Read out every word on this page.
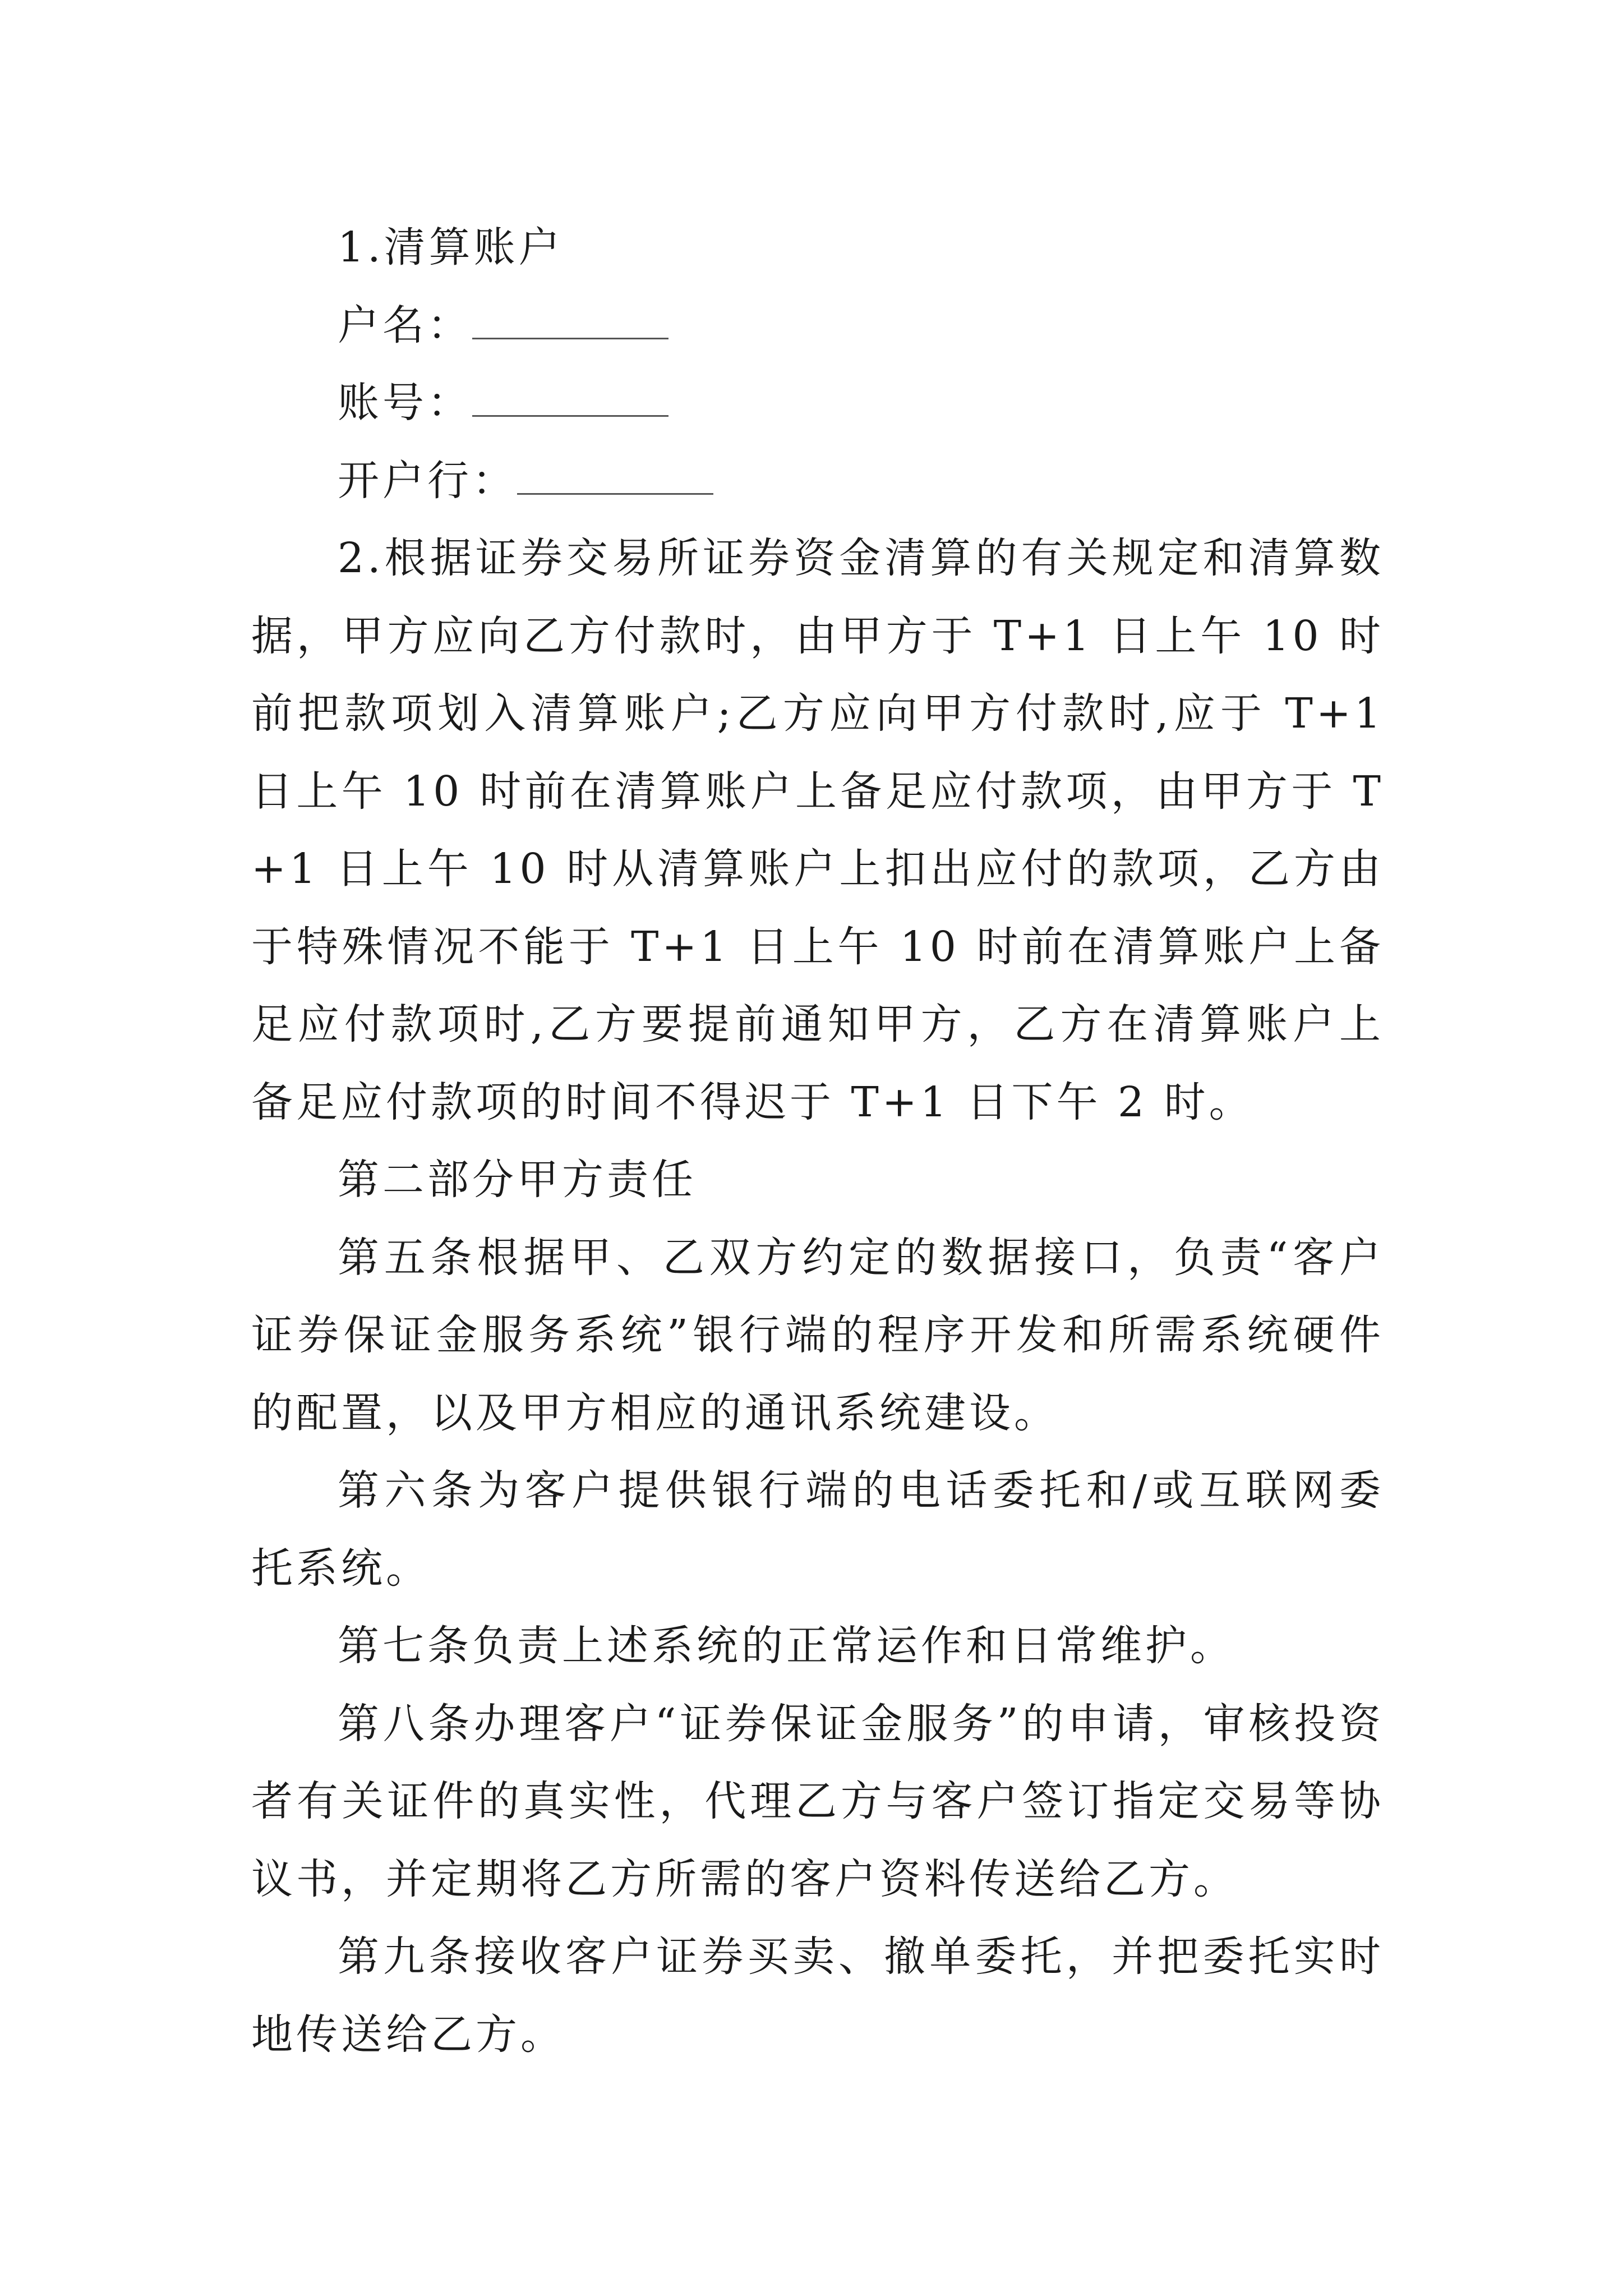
1.清算账户

户名：

账号：

开户行：

2.根据证券交易所证券资金清算的有关规定和清算数据，甲方应向乙方付款时，由甲方于 T+1 日上午 10 时前把款项划入清算账户;乙方应向甲方付款时,应于 T+1 日上午 10 时前在清算账户上备足应付款项，由甲方于 T+1 日上午 10 时从清算账户上扣出应付的款项，乙方由于特殊情况不能于 T+1 日上午 10 时前在清算账户上备足应付款项时,乙方要提前通知甲方，乙方在清算账户上备足应付款项的时间不得迟于 T+1 日下午 2 时。

第二部分甲方责任

第五条根据甲、乙双方约定的数据接口，负责“客户证券保证金服务系统”银行端的程序开发和所需系统硬件的配置，以及甲方相应的通讯系统建设。

第六条为客户提供银行端的电话委托和/或互联网委托系统。

第七条负责上述系统的正常运作和日常维护。

第八条办理客户“证券保证金服务”的申请，审核投资者有关证件的真实性，代理乙方与客户签订指定交易等协议书，并定期将乙方所需的客户资料传送给乙方。

第九条接收客户证券买卖、撤单委托，并把委托实时地传送给乙方。
